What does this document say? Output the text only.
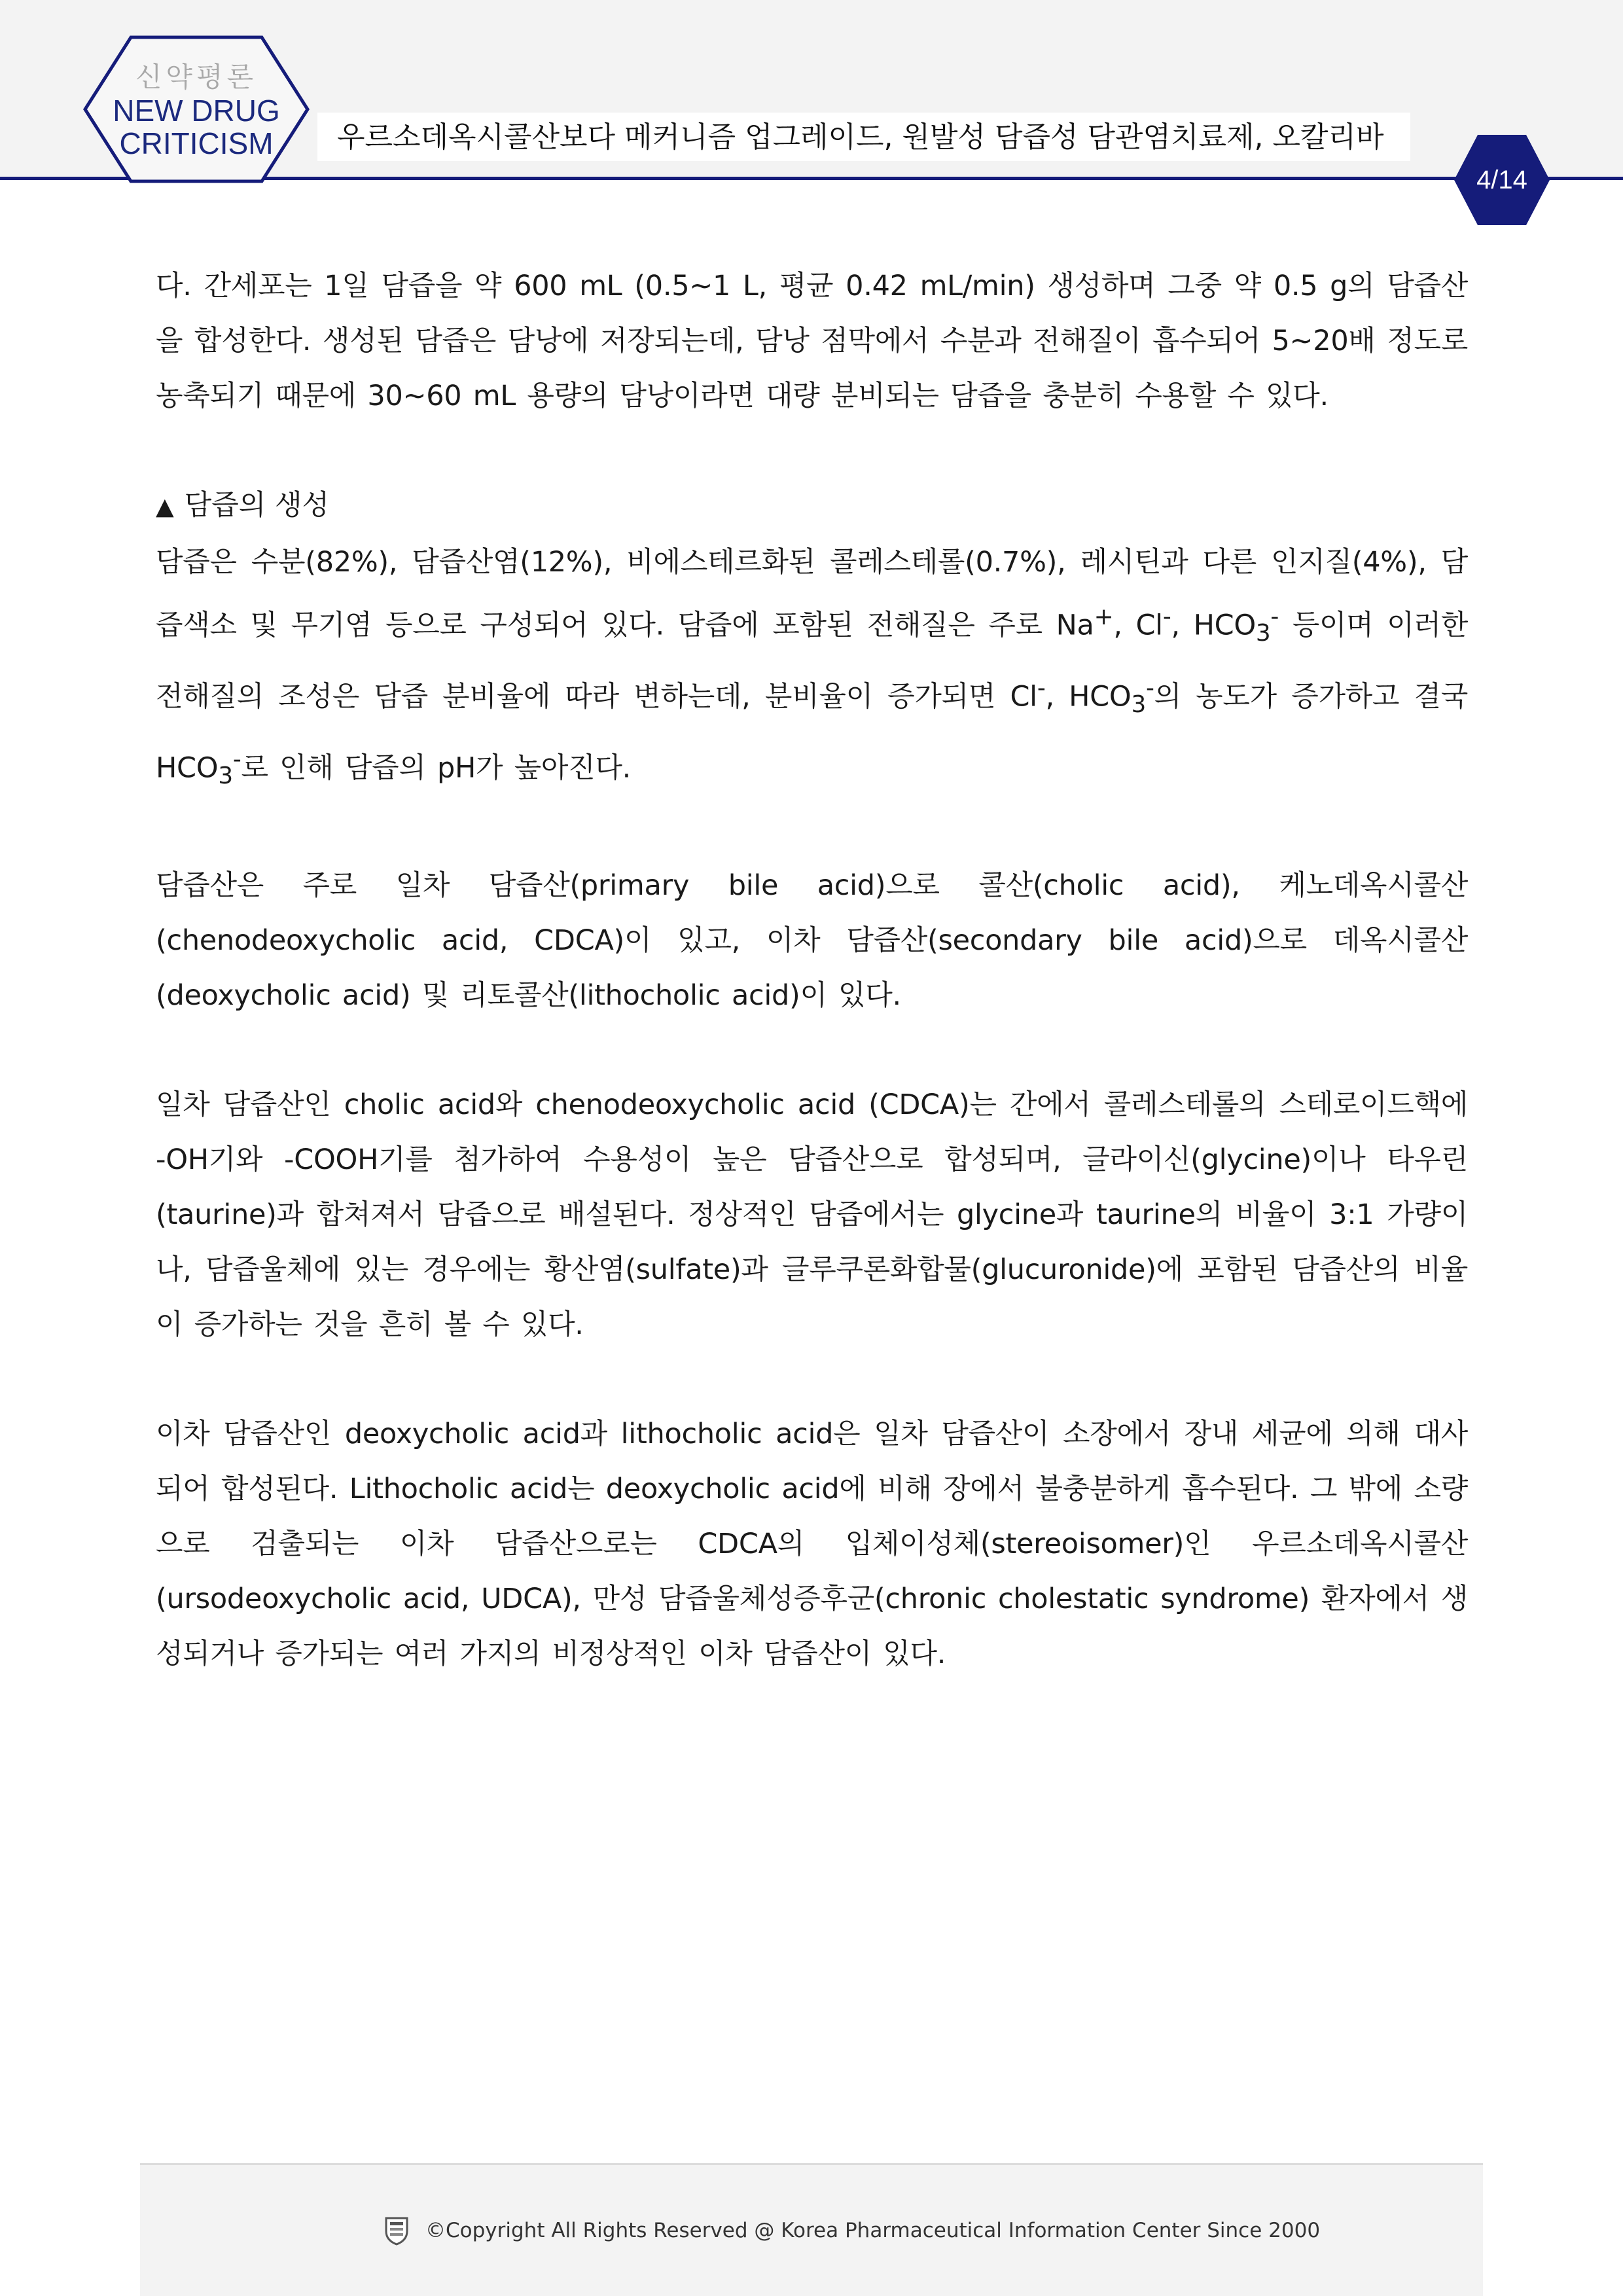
신약평론
NEW DRUG
CRITICISM	우르소데옥시콜산보다 메커니즘 업그레이드, 원발성 담즙성 담관염치료제, 오칼리바
4/14

다. 간세포는 1일 담즙을 약 600 mL (0.5~1 L, 평균 0.42 mL/min) 생성하며 그중 약 0.5 g의 담즙산을 합성한다. 생성된 담즙은 담낭에 저장되는데, 담낭 점막에서 수분과 전해질이 흡수되어 5~20배 정도로 농축되기 때문에 30~60 mL 용량의 담낭이라면 대량 분비되는 담즙을 충분히 수용할 수 있다.

▲ 담즙의 생성

담즙은 수분(82%), 담즙산염(12%), 비에스테르화된 콜레스테롤(0.7%), 레시틴과 다른 인지질(4%), 담즙색소 및 무기염 등으로 구성되어 있다. 담즙에 포함된 전해질은 주로 Na+, Cl-, $HCO_3^-$ 등이며 이러한 전해질의 조성은 담즙 분비율에 따라 변하는데, 분비율이 증가되면 Cl-, $HCO_3^-$의 농도가 증가하고 결국 $HCO_3^-$로 인해 담즙의 pH가 높아진다.

담즙산은 주로 일차 담즙산(primary bile acid)으로 콜산(cholic acid), 케노데옥시콜산(chenodeoxycholic acid, CDCA)이 있고, 이차 담즙산(secondary bile acid)으로 데옥시콜산(deoxycholic acid) 및 리토콜산(lithocholic acid)이 있다.

일차 담즙산인 cholic acid와 chenodeoxycholic acid (CDCA)는 간에서 콜레스테롤의 스테로이드핵에 -OH기와 -COOH기를 첨가하여 수용성이 높은 담즙산으로 합성되며, 글라이신(glycine)이나 타우린(taurine)과 합쳐져서 담즙으로 배설된다. 정상적인 담즙에서는 glycine과 taurine의 비율이 3:1 가량이나, 담즙울체에 있는 경우에는 황산염(sulfate)과 글루쿠론화합물(glucuronide)에 포함된 담즙산의 비율이 증가하는 것을 흔히 볼 수 있다.

이차 담즙산인 deoxycholic acid과 lithocholic acid은 일차 담즙산이 소장에서 장내 세균에 의해 대사되어 합성된다. Lithocholic acid는 deoxycholic acid에 비해 장에서 불충분하게 흡수된다. 그 밖에 소량으로 검출되는 이차 담즙산으로는 CDCA의 입체이성체(stereoisomer)인 우르소데옥시콜산(ursodeoxycholic acid, UDCA), 만성 담즙울체성증후군(chronic cholestatic syndrome) 환자에서 생성되거나 증가되는 여러 가지의 비정상적인 이차 담즙산이 있다.

©Copyright All Rights Reserved @ Korea Pharmaceutical Information Center Since 2000
